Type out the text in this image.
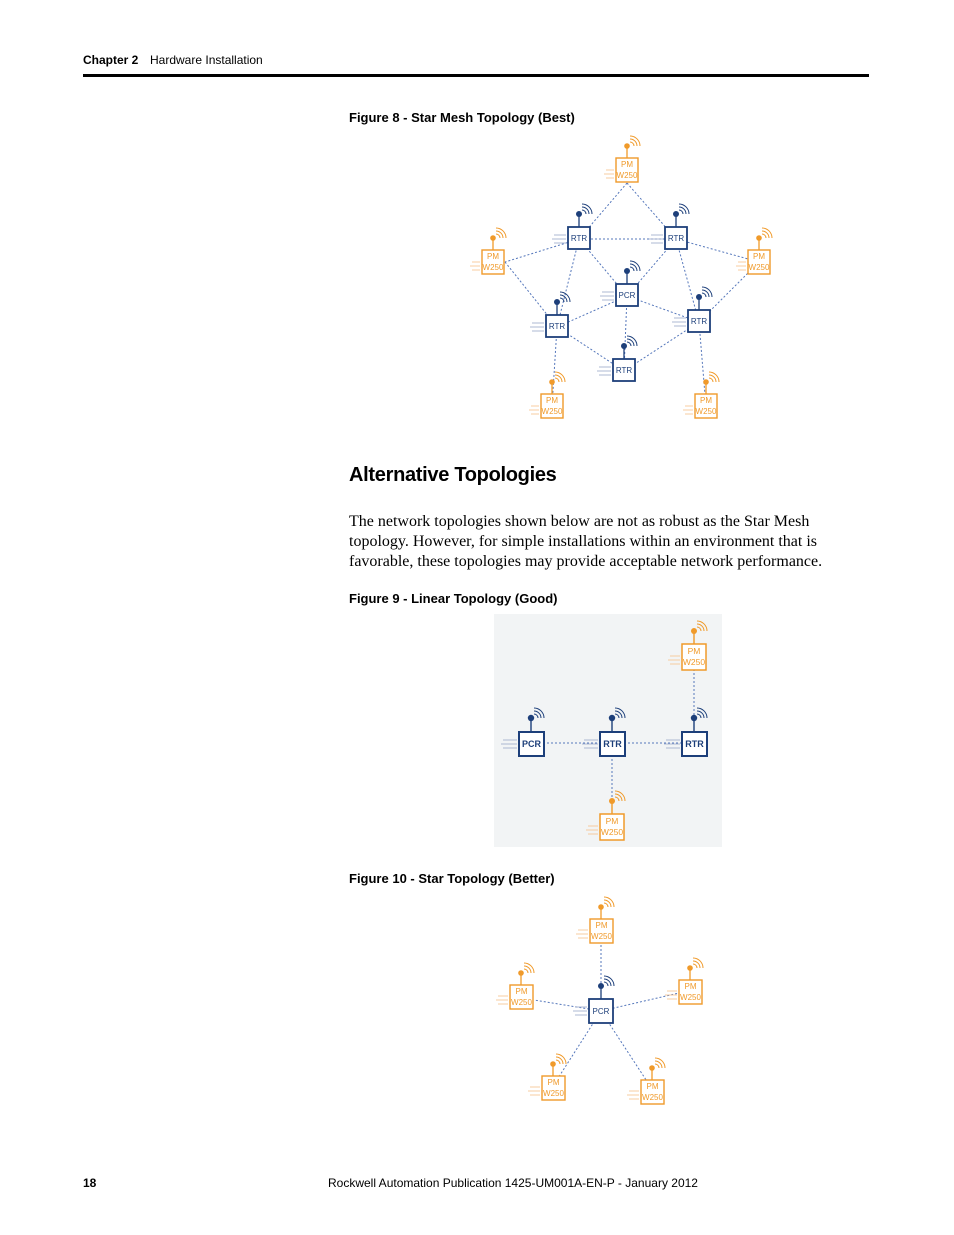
Chapter 2 Hardware Installation
Figure 8 - Star Mesh Topology (Best)
PM
W250
PM
W250
PM
W250
PM
W250
PM
W250
RTR	RTR
PCR
RTR
RTR
RTR
Alternative Topologies
The network topologies shown below are not as robust as the Star Mesh topology. However, for simple installations within an environment that is favorable, these topologies may provide acceptable network performance.
Figure 9 - Linear Topology (Good)
PCR	RTR	RTR
PM
W250
PM
W250
Figure 10 - Star Topology (Better)
PM
W250
PM
W250
PM
W250
PM
W250
PM
W250
PCR
18	Rockwell Automation Publication 1425-UM001A-EN-P - January 2012
